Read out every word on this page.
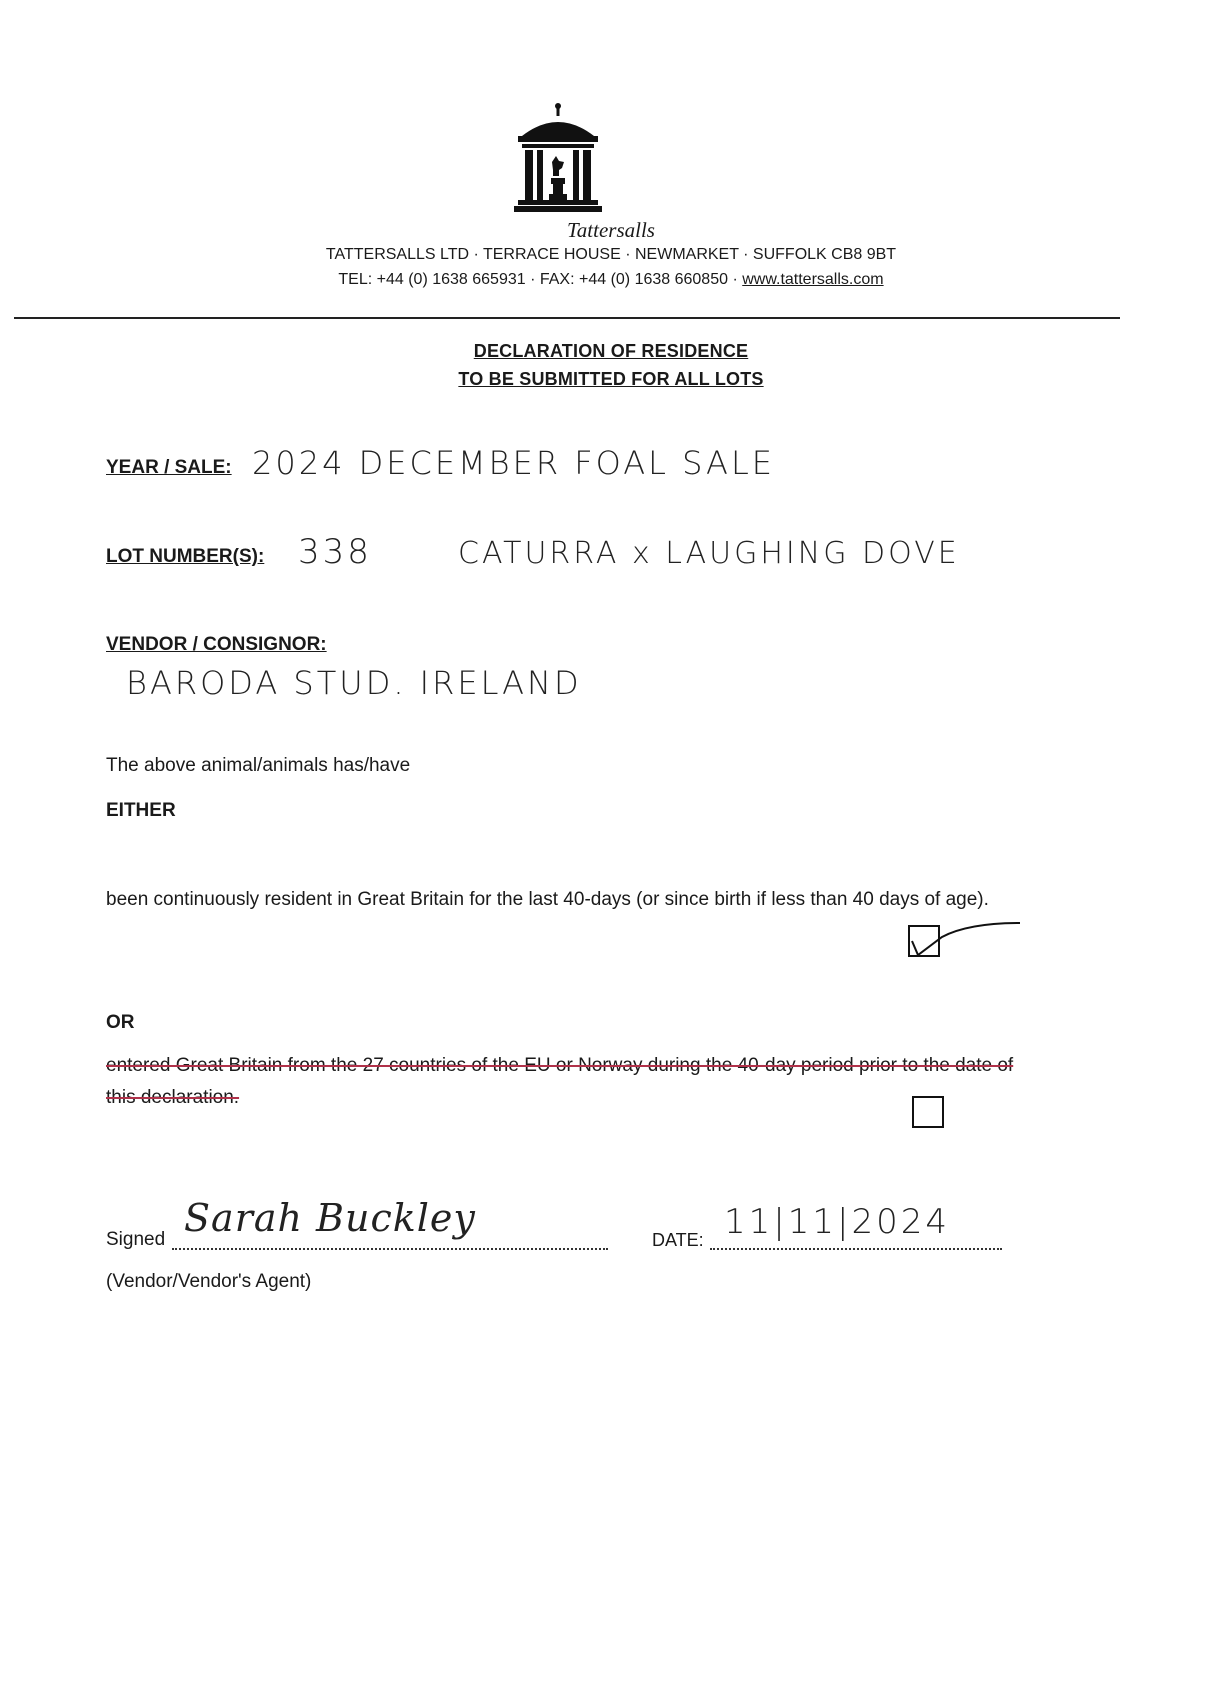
Tattersalls
TATTERSALLS LTD · TERRACE HOUSE · NEWMARKET · SUFFOLK CB8 9BT
TEL: +44 (0) 1638 665931 · FAX: +44 (0) 1638 660850 · www.tattersalls.com
DECLARATION OF RESIDENCE
TO BE SUBMITTED FOR ALL LOTS
YEAR / SALE: 2024 DECEMBER FOAL SALE
LOT NUMBER(S): 338	CATURRA x LAUGHING DOVE
VENDOR / CONSIGNOR:
BARODA STUD. IRELAND
The above animal/animals has/have
EITHER
been continuously resident in Great Britain for the last 40-days (or since birth if less than 40 days of age).
OR
entered Great Britain from the 27 countries of the EU or Norway during the 40-day period prior to the date of this declaration.
Signed Sarah Buckley	DATE: 11|11|2024
(Vendor/Vendor's Agent)
